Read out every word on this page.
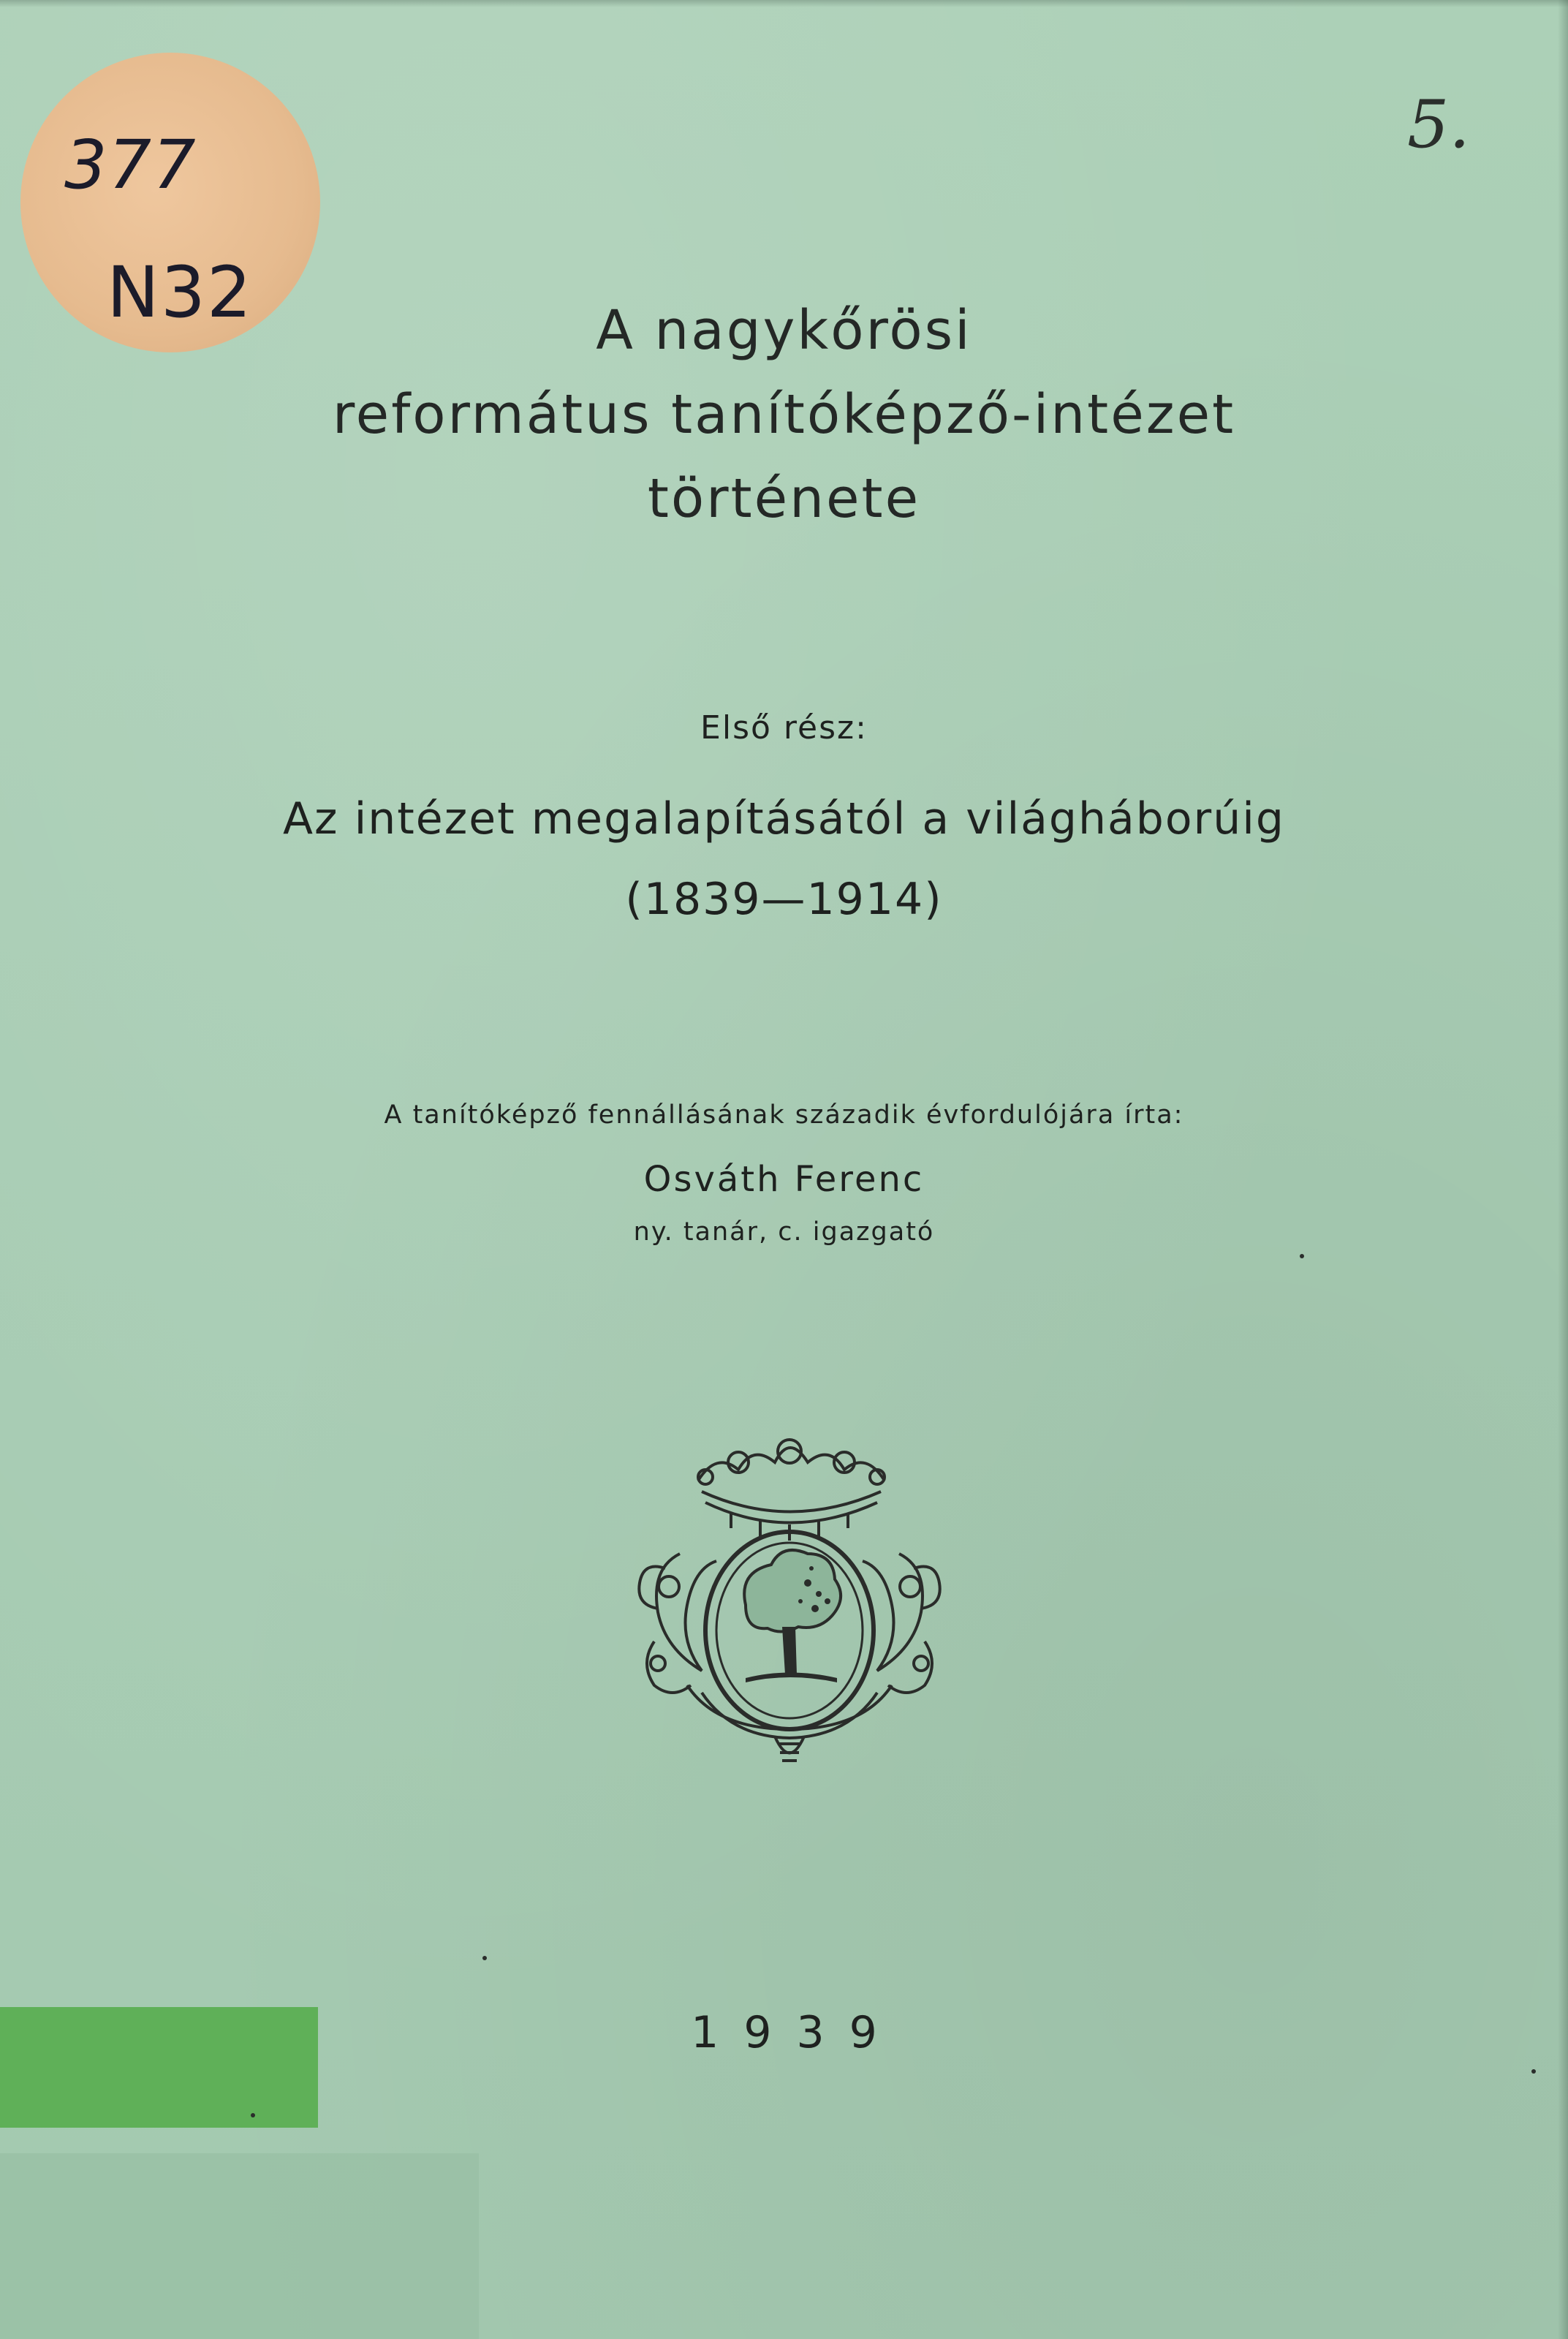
377
N32
5.
A nagykőrösi
református tanítóképző-intézet
története
Első rész:
Az intézet megalapításától a világháborúig
(1839—1914)
A tanítóképző fennállásának századik évfordulójára írta:
Osváth Ferenc
ny. tanár, c. igazgató
1939
